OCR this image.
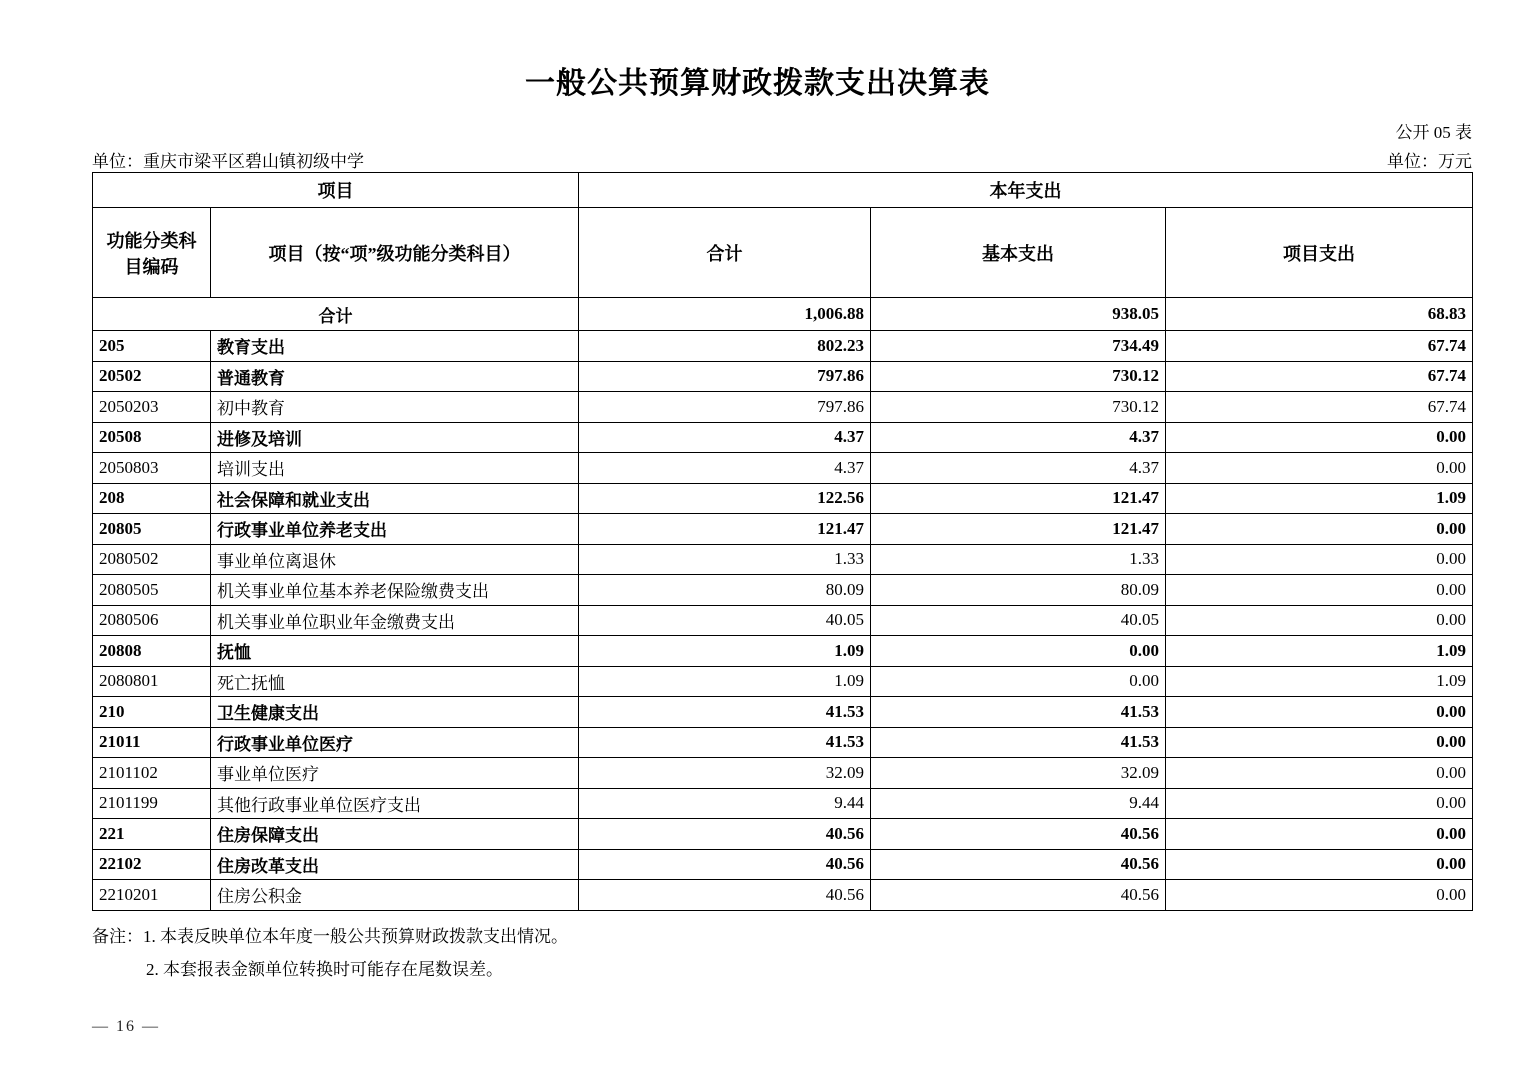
一般公共预算财政拨款支出决算表
公开 05 表
单位：重庆市梁平区碧山镇初级中学	单位：万元
项目		本年支出		
功能分类科目编码	项目（按“项”级功能分类科目）	合计	基本支出	项目支出
合计		1,006.88	938.05	68.83
205	教育支出	802.23	734.49	67.74
20502	普通教育	797.86	730.12	67.74
2050203	初中教育	797.86	730.12	67.74
20508	进修及培训	4.37	4.37	0.00
2050803	培训支出	4.37	4.37	0.00
208	社会保障和就业支出	122.56	121.47	1.09
20805	行政事业单位养老支出	121.47	121.47	0.00
2080502	事业单位离退休	1.33	1.33	0.00
2080505	机关事业单位基本养老保险缴费支出	80.09	80.09	0.00
2080506	机关事业单位职业年金缴费支出	40.05	40.05	0.00
20808	抚恤	1.09	0.00	1.09
2080801	死亡抚恤	1.09	0.00	1.09
210	卫生健康支出	41.53	41.53	0.00
21011	行政事业单位医疗	41.53	41.53	0.00
2101102	事业单位医疗	32.09	32.09	0.00
2101199	其他行政事业单位医疗支出	9.44	9.44	0.00
221	住房保障支出	40.56	40.56	0.00
22102	住房改革支出	40.56	40.56	0.00
2210201	住房公积金	40.56	40.56	0.00
备注：1. 本表反映单位本年度一般公共预算财政拨款支出情况。
2. 本套报表金额单位转换时可能存在尾数误差。
— 16 —
